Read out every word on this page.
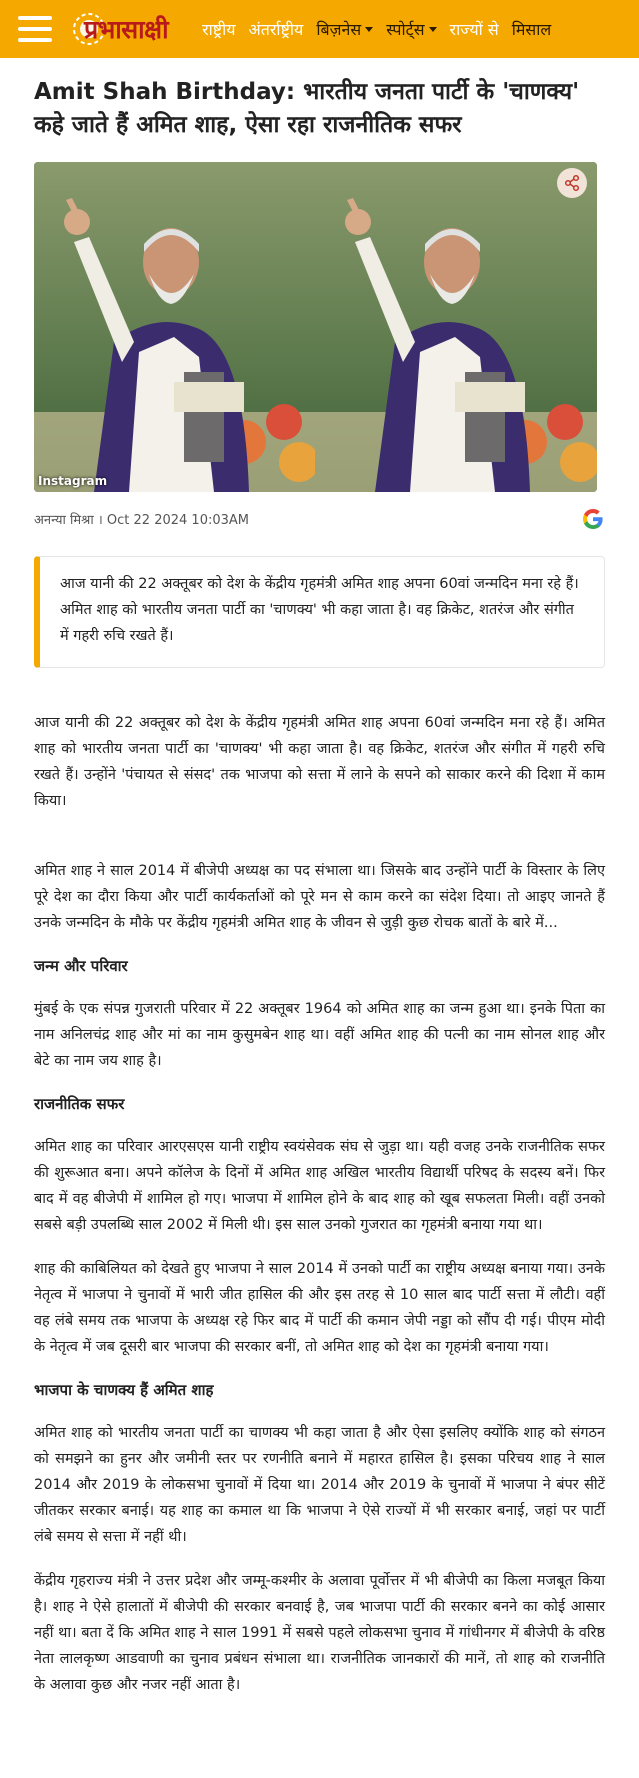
प्रभासाक्षी राष्ट्रीय अंतर्राष्ट्रीय बिज़नेस स्पोर्ट्स राज्यों से मिसाल
Amit Shah Birthday: भारतीय जनता पार्टी के 'चाणक्य' कहे जाते हैं अमित शाह, ऐसा रहा राजनीतिक सफर
Instagram
अनन्या मिश्रा । Oct 22 2024 10:03AM

आज यानी की 22 अक्तूबर को देश के केंद्रीय गृहमंत्री अमित शाह अपना 60वां जन्मदिन मना रहे हैं। अमित शाह को भारतीय जनता पार्टी का 'चाणक्य' भी कहा जाता है। वह क्रिकेट, शतरंज और संगीत में गहरी रुचि रखते हैं।

आज यानी की 22 अक्तूबर को देश के केंद्रीय गृहमंत्री अमित शाह अपना 60वां जन्मदिन मना रहे हैं। अमित शाह को भारतीय जनता पार्टी का 'चाणक्य' भी कहा जाता है। वह क्रिकेट, शतरंज और संगीत में गहरी रुचि रखते हैं। उन्होंने 'पंचायत से संसद' तक भाजपा को सत्ता में लाने के सपने को साकार करने की दिशा में काम किया।

अमित शाह ने साल 2014 में बीजेपी अध्यक्ष का पद संभाला था। जिसके बाद उन्होंने पार्टी के विस्तार के लिए पूरे देश का दौरा किया और पार्टी कार्यकर्ताओं को पूरे मन से काम करने का संदेश दिया। तो आइए जानते हैं उनके जन्मदिन के मौके पर केंद्रीय गृहमंत्री अमित शाह के जीवन से जुड़ी कुछ रोचक बातों के बारे में...

जन्म और परिवार

मुंबई के एक संपन्न गुजराती परिवार में 22 अक्तूबर 1964 को अमित शाह का जन्म हुआ था। इनके पिता का नाम अनिलचंद्र शाह और मां का नाम कुसुमबेन शाह था। वहीं अमित शाह की पत्नी का नाम सोनल शाह और बेटे का नाम जय शाह है।

राजनीतिक सफर

अमित शाह का परिवार आरएसएस यानी राष्ट्रीय स्वयंसेवक संघ से जुड़ा था। यही वजह उनके राजनीतिक सफर की शुरूआत बना। अपने कॉलेज के दिनों में अमित शाह अखिल भारतीय विद्यार्थी परिषद के सदस्य बनें। फिर बाद में वह बीजेपी में शामिल हो गए। भाजपा में शामिल होने के बाद शाह को खूब सफलता मिली। वहीं उनको सबसे बड़ी उपलब्धि साल 2002 में मिली थी। इस साल उनको गुजरात का गृहमंत्री बनाया गया था।

शाह की काबिलियत को देखते हुए भाजपा ने साल 2014 में उनको पार्टी का राष्ट्रीय अध्यक्ष बनाया गया। उनके नेतृत्व में भाजपा ने चुनावों में भारी जीत हासिल की और इस तरह से 10 साल बाद पार्टी सत्ता में लौटी। वहीं वह लंबे समय तक भाजपा के अध्यक्ष रहे फिर बाद में पार्टी की कमान जेपी नड्डा को सौंप दी गई। पीएम मोदी के नेतृत्व में जब दूसरी बार भाजपा की सरकार बनीं, तो अमित शाह को देश का गृहमंत्री बनाया गया।

भाजपा के चाणक्य हैं अमित शाह

अमित शाह को भारतीय जनता पार्टी का चाणक्य भी कहा जाता है और ऐसा इसलिए क्योंकि शाह को संगठन को समझने का हुनर और जमीनी स्तर पर रणनीति बनाने में महारत हासिल है। इसका परिचय शाह ने साल 2014 और 2019 के लोकसभा चुनावों में दिया था। 2014 और 2019 के चुनावों में भाजपा ने बंपर सीटें जीतकर सरकार बनाई। यह शाह का कमाल था कि भाजपा ने ऐसे राज्यों में भी सरकार बनाई, जहां पर पार्टी लंबे समय से सत्ता में नहीं थी।

केंद्रीय गृहराज्य मंत्री ने उत्तर प्रदेश और जम्मू-कश्मीर के अलावा पूर्वोत्तर में भी बीजेपी का किला मजबूत किया है। शाह ने ऐसे हालातों में बीजेपी की सरकार बनवाई है, जब भाजपा पार्टी की सरकार बनने का कोई आसार नहीं था। बता दें कि अमित शाह ने साल 1991 में सबसे पहले लोकसभा चुनाव में गांधीनगर में बीजेपी के वरिष्ठ नेता लालकृष्ण आडवाणी का चुनाव प्रबंधन संभाला था। राजनीतिक जानकारों की मानें, तो शाह को राजनीति के अलावा कुछ और नजर नहीं आता है।
